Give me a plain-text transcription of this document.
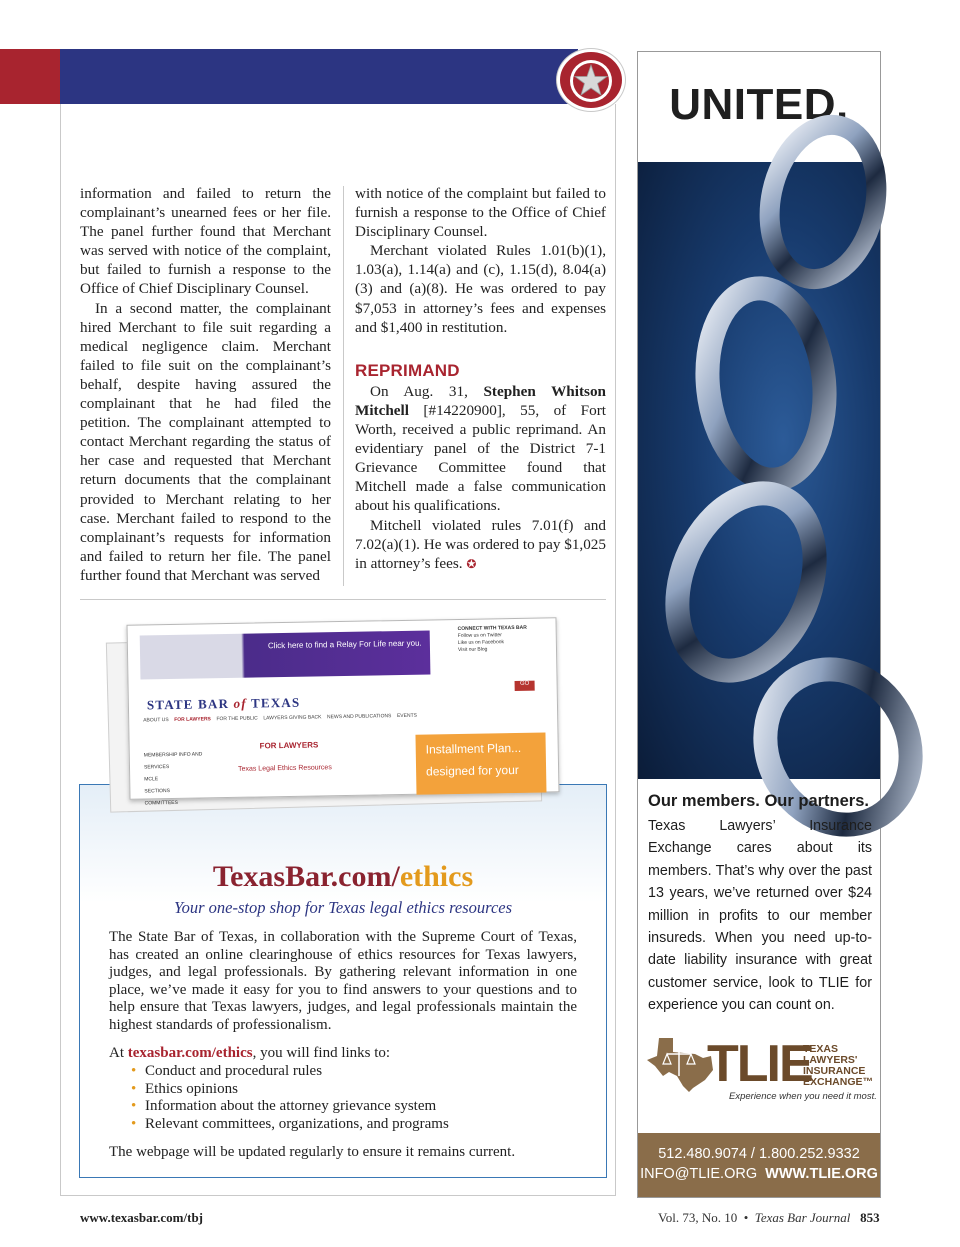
information and failed to return the complainant’s unearned fees or her file. The panel further found that Merchant was served with notice of the complaint, but failed to furnish a response to the Office of Chief Disciplinary Counsel.

In a second matter, the complainant hired Merchant to file suit regarding a medical negligence claim. Merchant failed to file suit on the complainant’s behalf, despite having assured the complainant that he had filed the petition. The complainant attempted to contact Merchant regarding the status of her case and requested that Merchant return documents that the complainant provided to Merchant relating to her case. Merchant failed to respond to the complainant’s requests for information and failed to return her file. The panel further found that Merchant was served

with notice of the complaint but failed to furnish a response to the Office of Chief Disciplinary Counsel.

Merchant violated Rules 1.01(b)(1), 1.03(a), 1.14(a) and (c), 1.15(d), 8.04(a)(3) and (a)(8). He was ordered to pay $7,053 in attorney’s fees and expenses and $1,400 in restitution.

REPRIMAND

On Aug. 31, Stephen Whitson Mitchell [#14220900], 55, of Fort Worth, received a public reprimand. An evidentiary panel of the District 7-1 Grievance Committee found that Mitchell made a false communication about his qualifications.

Mitchell violated rules 7.01(f) and 7.02(a)(1). He was ordered to pay $1,025 in attorney’s fees. ✪

Click here to find a Relay For Life near you.
CONNECT WITH TEXAS BAR
Follow us on Twitter
Like us on Facebook
Visit our Blog
GO
STATE BAR of TEXAS
ABOUT US FOR LAWYERS FOR THE PUBLIC LAWYERS GIVING BACK NEWS AND PUBLICATIONS EVENTS
FOR LAWYERS
MEMBERSHIP INFO AND SERVICES
MCLE
SECTIONS
COMMITTEES
Texas Legal Ethics Resources
Installment Plan...
designed for your
TexasBar.com/ethics
Your one-stop shop for Texas legal ethics resources
The State Bar of Texas, in collaboration with the Supreme Court of Texas, has created an online clearinghouse of ethics resources for Texas lawyers, judges, and legal professionals. By gathering relevant information in one place, we’ve made it easy for you to find answers to your questions and to help ensure that Texas lawyers, judges, and legal professionals maintain the highest standards of professionalism.
At texasbar.com/ethics, you will find links to:
• Conduct and procedural rules
• Ethics opinions
• Information about the attorney grievance system
• Relevant committees, organizations, and programs
The webpage will be updated regularly to ensure it remains current.
UNITED.
Our members. Our partners.
Texas Lawyers’ Insurance Exchange cares about its members. That’s why over the past 13 years, we’ve returned over $24 million in profits to our member insureds. When you need up-to-date liability insurance with great customer service, look to TLIE for experience you can count on.
TLIE
TEXAS
LAWYERS'
INSURANCE
EXCHANGE™
Experience when you need it most.
512.480.9074 / 1.800.252.9332
INFO@TLIE.ORG WWW.TLIE.ORG
www.texasbar.com/tbj	Vol. 73, No. 10 • Texas Bar Journal 853
